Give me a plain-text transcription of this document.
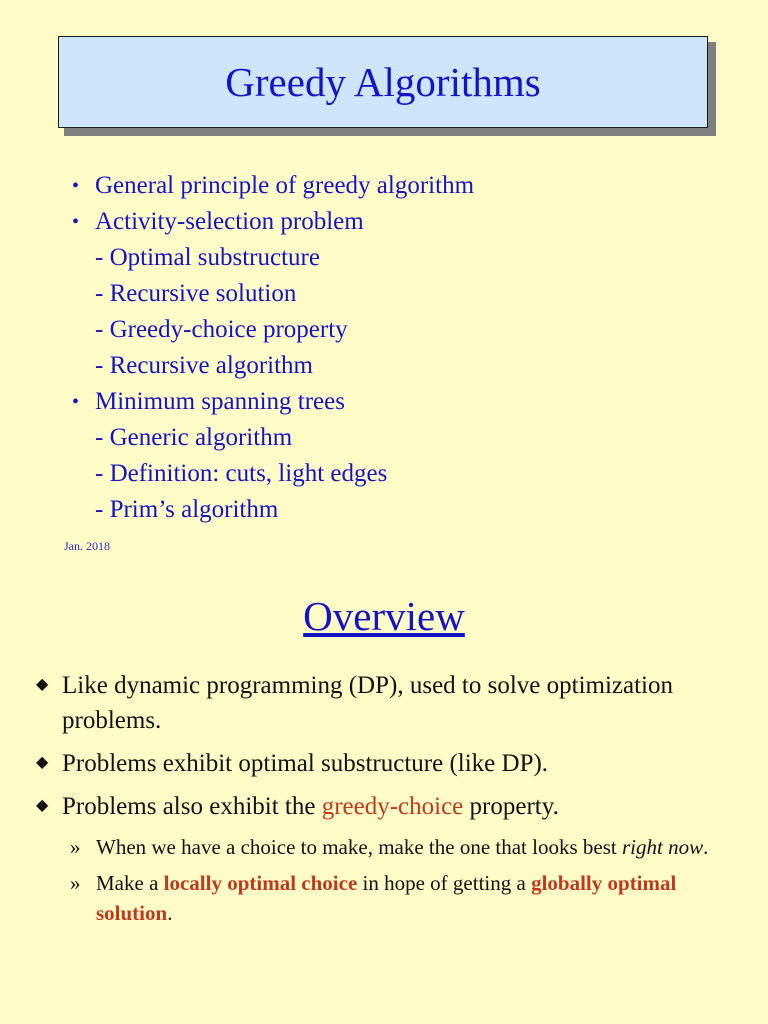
Greedy Algorithms
• General principle of greedy algorithm
• Activity-selection problem
- Optimal substructure
- Recursive solution
- Greedy-choice property
- Recursive algorithm
• Minimum spanning trees
- Generic algorithm
- Definition: cuts, light edges
- Prim’s algorithm
Jan. 2018
Overview
◆ Like dynamic programming (DP), used to solve optimization problems.
◆ Problems exhibit optimal substructure (like DP).
◆ Problems also exhibit the greedy-choice property.
» When we have a choice to make, make the one that looks best right now.
» Make a locally optimal choice in hope of getting a globally optimal solution.
